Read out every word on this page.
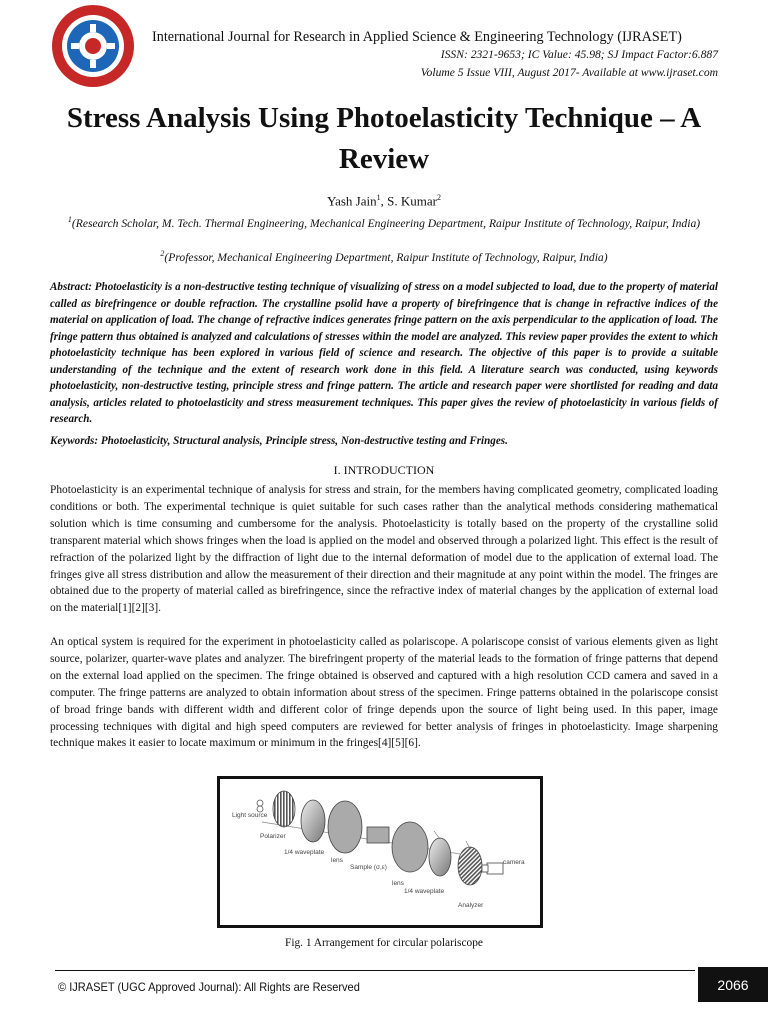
International Journal for Research in Applied Science & Engineering Technology (IJRASET)
ISSN: 2321-9653; IC Value: 45.98; SJ Impact Factor:6.887
Volume 5 Issue VIII, August 2017- Available at www.ijraset.com
Stress Analysis Using Photoelasticity Technique – A
Review
Yash Jain$^1$, S. Kumar$^2$
$^1$(Research Scholar, M. Tech. Thermal Engineering, Mechanical Engineering Department, Raipur Institute of Technology, Raipur, India)
$^2$(Professor, Mechanical Engineering Department, Raipur Institute of Technology, Raipur, India)

Abstract: Photoelasticity is a non-destructive testing technique of visualizing of stress on a model subjected to load, due to the property of material called as birefringence or double refraction. The crystalline psolid have a property of birefringence that is change in refractive indices of the material on application of load. The change of refractive indices generates fringe pattern on the axis perpendicular to the application of load. The fringe pattern thus obtained is analyzed and calculations of stresses within the model are analyzed. This review paper provides the extent to which photoelasticity technique has been explored in various field of science and research. The objective of this paper is to provide a suitable understanding of the technique and the extent of research work done in this field. A literature search was conducted, using keywords photoelasticity, non-destructive testing, principle stress and fringe pattern. The article and research paper were shortlisted for reading and data analysis, articles related to photoelasticity and stress measurement techniques. This paper gives the review of photoelasticity in various fields of research.

Keywords: Photoelasticity, Structural analysis, Principle stress, Non-destructive testing and Fringes.

I. INTRODUCTION

Photoelasticity is an experimental technique of analysis for stress and strain, for the members having complicated geometry, complicated loading conditions or both. The experimental technique is quiet suitable for such cases rather than the analytical methods considering mathematical solution which is time consuming and cumbersome for the analysis. Photoelasticity is totally based on the property of the crystalline solid transparent material which shows fringes when the load is applied on the model and observed through a polarized light. This effect is the result of refraction of the polarized light by the diffraction of light due to the internal deformation of model due to the application of external load. The fringes give all stress distribution and allow the measurement of their direction and their magnitude at any point within the model. The fringes are obtained due to the property of material called as birefringence, since the refractive index of material changes by the application of external load on the material[1][2][3].

An optical system is required for the experiment in photoelasticity called as polariscope. A polariscope consist of various elements given as light source, polarizer, quarter-wave plates and analyzer. The birefringent property of the material leads to the formation of fringe patterns that depend on the external load applied on the specimen. The fringe obtained is observed and captured with a high resolution CCD camera and saved in a computer. The fringe patterns are analyzed to obtain information about stress of the specimen. Fringe patterns obtained in the polariscope consist of broad fringe bands with different width and different color of fringe depends upon the source of light being used. In this paper, image processing techniques with digital and high speed computers are reviewed for better analysis of fringes in photoelasticity. Image sharpening technique makes it easier to locate maximum or minimum in the fringes[4][5][6].

Light source
Polarizer
1/4 waveplate
lens
Sample (σ,ε)
lens
1/4 waveplate
Analyzer
camera
Fig. 1 Arrangement for circular polariscope
© IJRASET (UGC Approved Journal): All Rights are Reserved	2066
